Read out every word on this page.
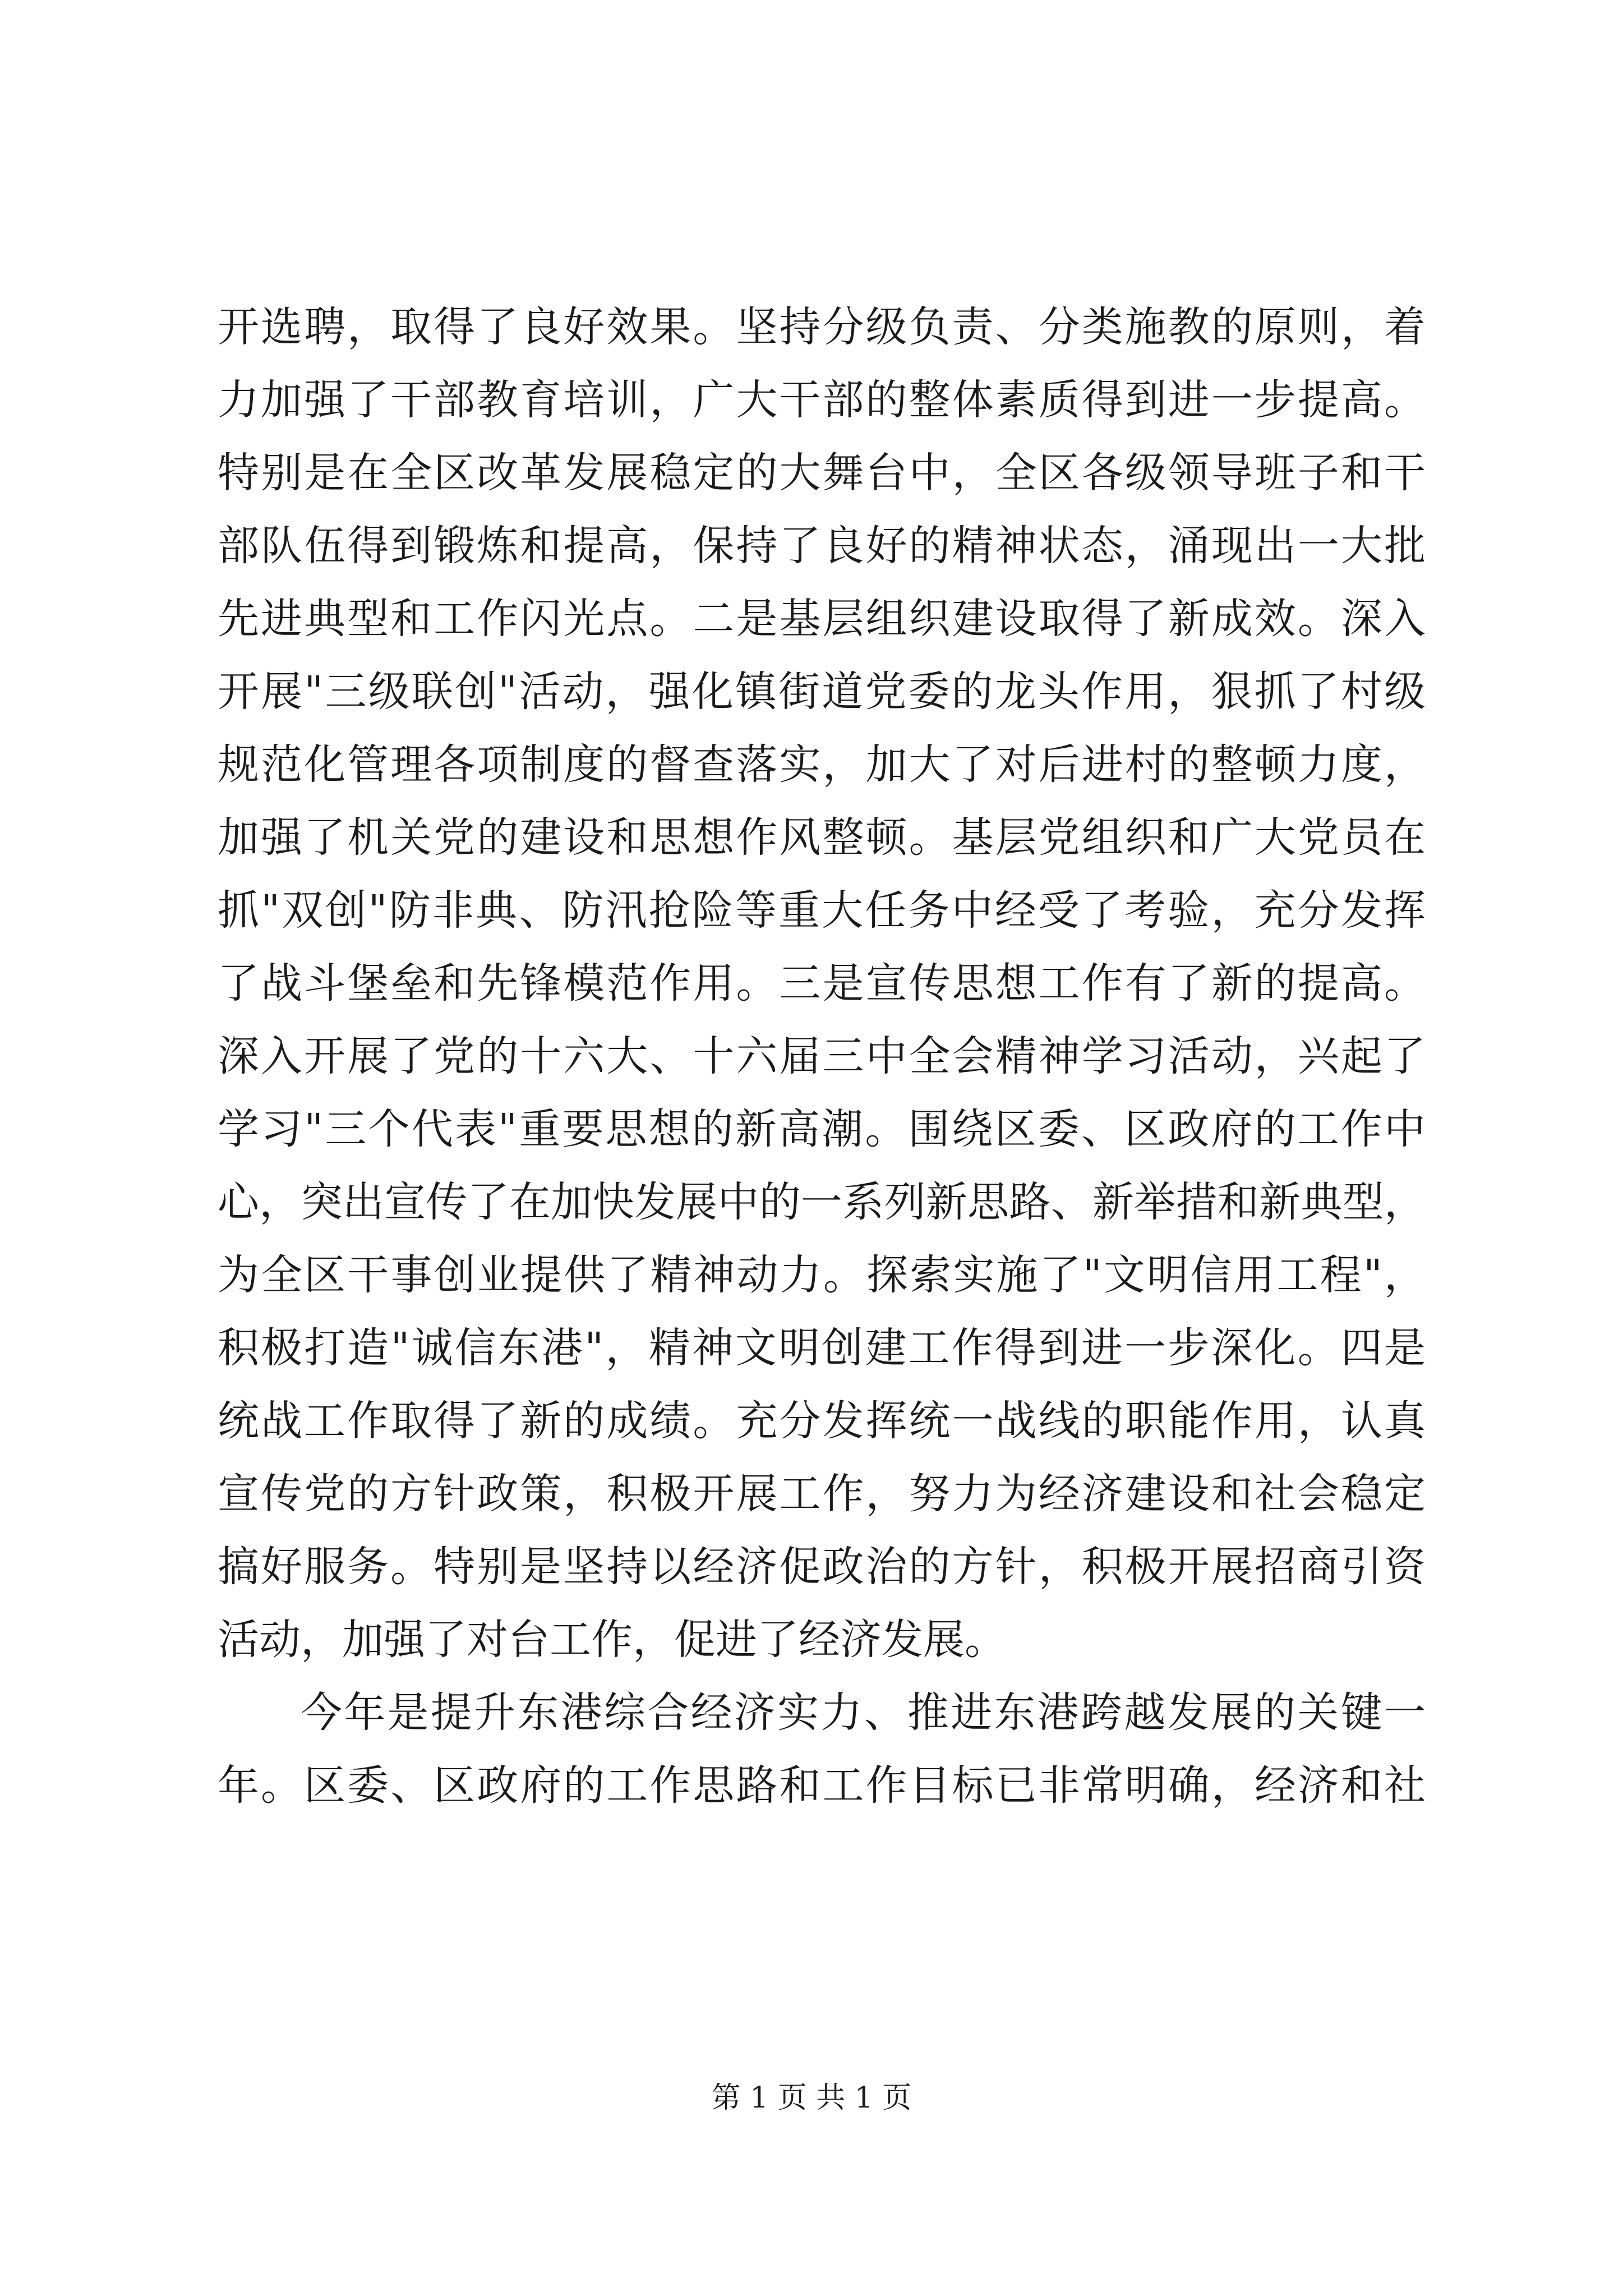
开选聘，取得了良好效果。坚持分级负责、分类施教的原则，着
力加强了干部教育培训，广大干部的整体素质得到进一步提高。
特别是在全区改革发展稳定的大舞台中，全区各级领导班子和干
部队伍得到锻炼和提高，保持了良好的精神状态，涌现出一大批
先进典型和工作闪光点。二是基层组织建设取得了新成效。深入
开展"三级联创"活动，强化镇街道党委的龙头作用，狠抓了村级
规范化管理各项制度的督查落实，加大了对后进村的整顿力度，
加强了机关党的建设和思想作风整顿。基层党组织和广大党员在
抓"双创"防非典、防汛抢险等重大任务中经受了考验，充分发挥
了战斗堡垒和先锋模范作用。三是宣传思想工作有了新的提高。
深入开展了党的十六大、十六届三中全会精神学习活动，兴起了
学习"三个代表"重要思想的新高潮。围绕区委、区政府的工作中
心，突出宣传了在加快发展中的一系列新思路、新举措和新典型，
为全区干事创业提供了精神动力。探索实施了"文明信用工程"，
积极打造"诚信东港"，精神文明创建工作得到进一步深化。四是
统战工作取得了新的成绩。充分发挥统一战线的职能作用，认真
宣传党的方针政策，积极开展工作，努力为经济建设和社会稳定
搞好服务。特别是坚持以经济促政治的方针，积极开展招商引资
活动，加强了对台工作，促进了经济发展。
今年是提升东港综合经济实力、推进东港跨越发展的关键一
年。区委、区政府的工作思路和工作目标已非常明确，经济和社
第 1 页 共 1 页
